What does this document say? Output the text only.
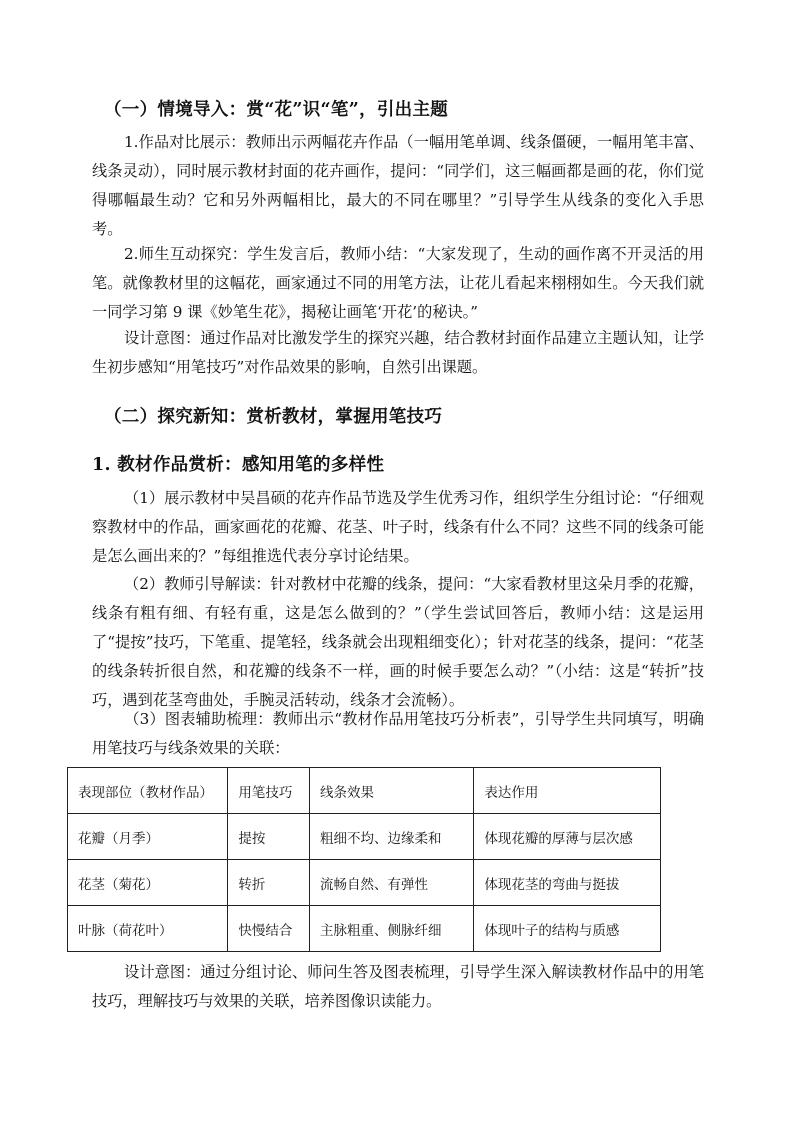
（一）情境导入：赏“花”识“笔”，引出主题
1.作品对比展示：教师出示两幅花卉作品（一幅用笔单调、线条僵硬，一幅用笔丰富、线条灵动），同时展示教材封面的花卉画作，提问：“同学们，这三幅画都是画的花，你们觉得哪幅最生动？它和另外两幅相比，最大的不同在哪里？”引导学生从线条的变化入手思考。
2.师生互动探究：学生发言后，教师小结：“大家发现了，生动的画作离不开灵活的用笔。就像教材里的这幅花，画家通过不同的用笔方法，让花儿看起来栩栩如生。今天我们就一同学习第 9 课《妙笔生花》，揭秘让画笔‘开花’的秘诀。”
设计意图：通过作品对比激发学生的探究兴趣，结合教材封面作品建立主题认知，让学生初步感知“用笔技巧”对作品效果的影响，自然引出课题。
（二）探究新知：赏析教材，掌握用笔技巧
1. 教材作品赏析：感知用笔的多样性
（1）展示教材中吴昌硕的花卉作品节选及学生优秀习作，组织学生分组讨论：“仔细观察教材中的作品，画家画花的花瓣、花茎、叶子时，线条有什么不同？这些不同的线条可能是怎么画出来的？”每组推选代表分享讨论结果。
（2）教师引导解读：针对教材中花瓣的线条，提问：“大家看教材里这朵月季的花瓣，线条有粗有细、有轻有重，这是怎么做到的？”（学生尝试回答后，教师小结：这是运用了“提按”技巧，下笔重、提笔轻，线条就会出现粗细变化）；针对花茎的线条，提问：“花茎的线条转折很自然，和花瓣的线条不一样，画的时候手要怎么动？”（小结：这是“转折”技巧，遇到花茎弯曲处，手腕灵活转动，线条才会流畅）。
（3）图表辅助梳理：教师出示“教材作品用笔技巧分析表”，引导学生共同填写，明确用笔技巧与线条效果的关联：
表现部位（教材作品）	用笔技巧	线条效果	表达作用
花瓣（月季）	提按	粗细不均、边缘柔和	体现花瓣的厚薄与层次感
花茎（菊花）	转折	流畅自然、有弹性	体现花茎的弯曲与挺拔
叶脉（荷花叶）	快慢结合	主脉粗重、侧脉纤细	体现叶子的结构与质感
设计意图：通过分组讨论、师问生答及图表梳理，引导学生深入解读教材作品中的用笔技巧，理解技巧与效果的关联，培养图像识读能力。
